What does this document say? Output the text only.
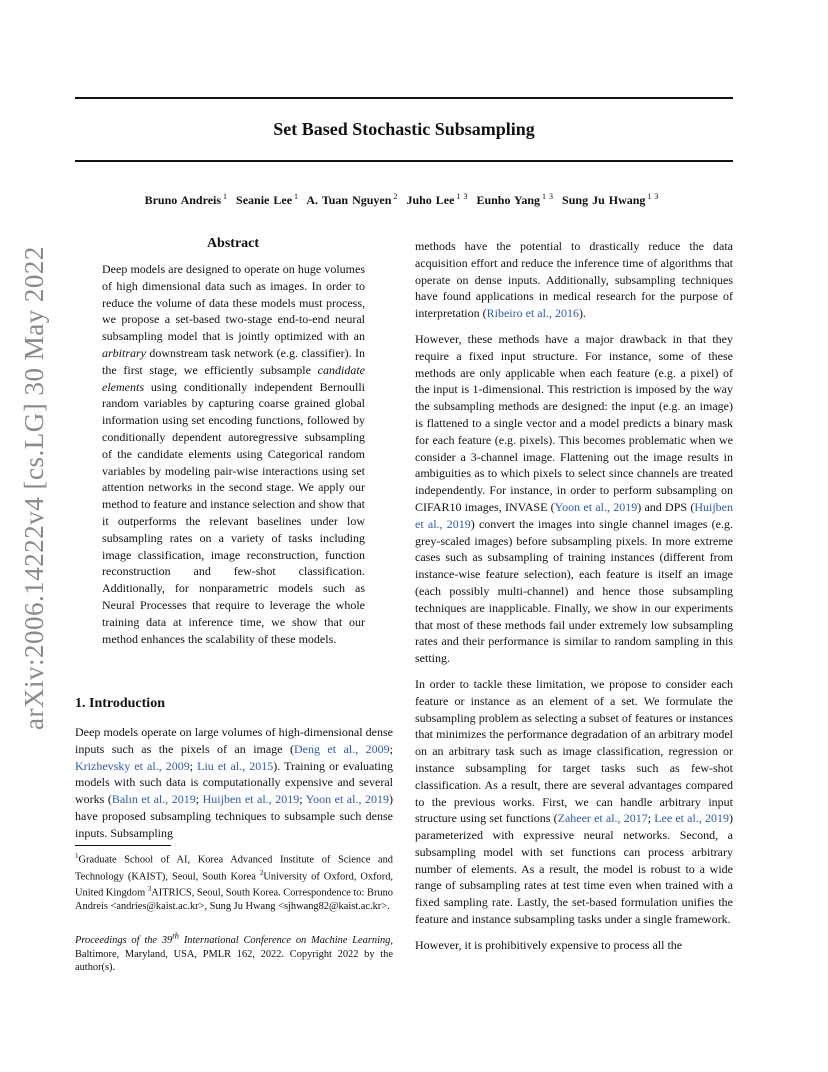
arXiv:2006.14222v4 [cs.LG] 30 May 2022
Set Based Stochastic Subsampling
Bruno Andreis $^1$ Seanie Lee $^1$ A. Tuan Nguyen $^2$ Juho Lee $^{1 3}$ Eunho Yang $^{1 3}$ Sung Ju Hwang $^{1 3}$
Abstract
Deep models are designed to operate on huge volumes of high dimensional data such as images. In order to reduce the volume of data these models must process, we propose a set-based two-stage end-to-end neural subsampling model that is jointly optimized with an arbitrary downstream task network (e.g. classifier). In the first stage, we efficiently subsample candidate elements using conditionally independent Bernoulli random variables by capturing coarse grained global information using set encoding functions, followed by conditionally dependent autoregressive subsampling of the candidate elements using Categorical random variables by modeling pair-wise interactions using set attention networks in the second stage. We apply our method to feature and instance selection and show that it outperforms the relevant baselines under low subsampling rates on a variety of tasks including image classification, image reconstruction, function reconstruction and few-shot classification. Additionally, for nonparametric models such as Neural Processes that require to leverage the whole training data at inference time, we show that our method enhances the scalability of these models.
1. Introduction
Deep models operate on large volumes of high-dimensional dense inputs such as the pixels of an image (Deng et al., 2009; Krizhevsky et al., 2009; Liu et al., 2015). Training or evaluating models with such data is computationally expensive and several works (Balın et al., 2019; Huijben et al., 2019; Yoon et al., 2019) have proposed subsampling techniques to subsample such dense inputs. Subsampling
$^1$Graduate School of AI, Korea Advanced Institute of Science and Technology (KAIST), Seoul, South Korea $^2$University of Oxford, Oxford, United Kingdom $^3$AITRICS, Seoul, South Korea. Correspondence to: Bruno Andreis <andries@kaist.ac.kr>, Sung Ju Hwang <sjhwang82@kaist.ac.kr>.
Proceedings of the 39th International Conference on Machine Learning, Baltimore, Maryland, USA, PMLR 162, 2022. Copyright 2022 by the author(s).

methods have the potential to drastically reduce the data acquisition effort and reduce the inference time of algorithms that operate on dense inputs. Additionally, subsampling techniques have found applications in medical research for the purpose of interpretation (Ribeiro et al., 2016).

However, these methods have a major drawback in that they require a fixed input structure. For instance, some of these methods are only applicable when each feature (e.g. a pixel) of the input is 1-dimensional. This restriction is imposed by the way the subsampling methods are designed: the input (e.g. an image) is flattened to a single vector and a model predicts a binary mask for each feature (e.g. pixels). This becomes problematic when we consider a 3-channel image. Flattening out the image results in ambiguities as to which pixels to select since channels are treated independently. For instance, in order to perform subsampling on CIFAR10 images, INVASE (Yoon et al., 2019) and DPS (Huijben et al., 2019) convert the images into single channel images (e.g. grey-scaled images) before subsampling pixels. In more extreme cases such as subsampling of training instances (different from instance-wise feature selection), each feature is itself an image (each possibly multi-channel) and hence those subsampling techniques are inapplicable. Finally, we show in our experiments that most of these methods fail under extremely low subsampling rates and their performance is similar to random sampling in this setting.

In order to tackle these limitation, we propose to consider each feature or instance as an element of a set. We formulate the subsampling problem as selecting a subset of features or instances that minimizes the performance degradation of an arbitrary model on an arbitrary task such as image classification, regression or instance subsampling for target tasks such as few-shot classification. As a result, there are several advantages compared to the previous works. First, we can handle arbitrary input structure using set functions (Zaheer et al., 2017; Lee et al., 2019) parameterized with expressive neural networks. Second, a subsampling model with set functions can process arbitrary number of elements. As a result, the model is robust to a wide range of subsampling rates at test time even when trained with a fixed sampling rate. Lastly, the set-based formulation unifies the feature and instance subsampling tasks under a single framework.

However, it is prohibitively expensive to process all the
